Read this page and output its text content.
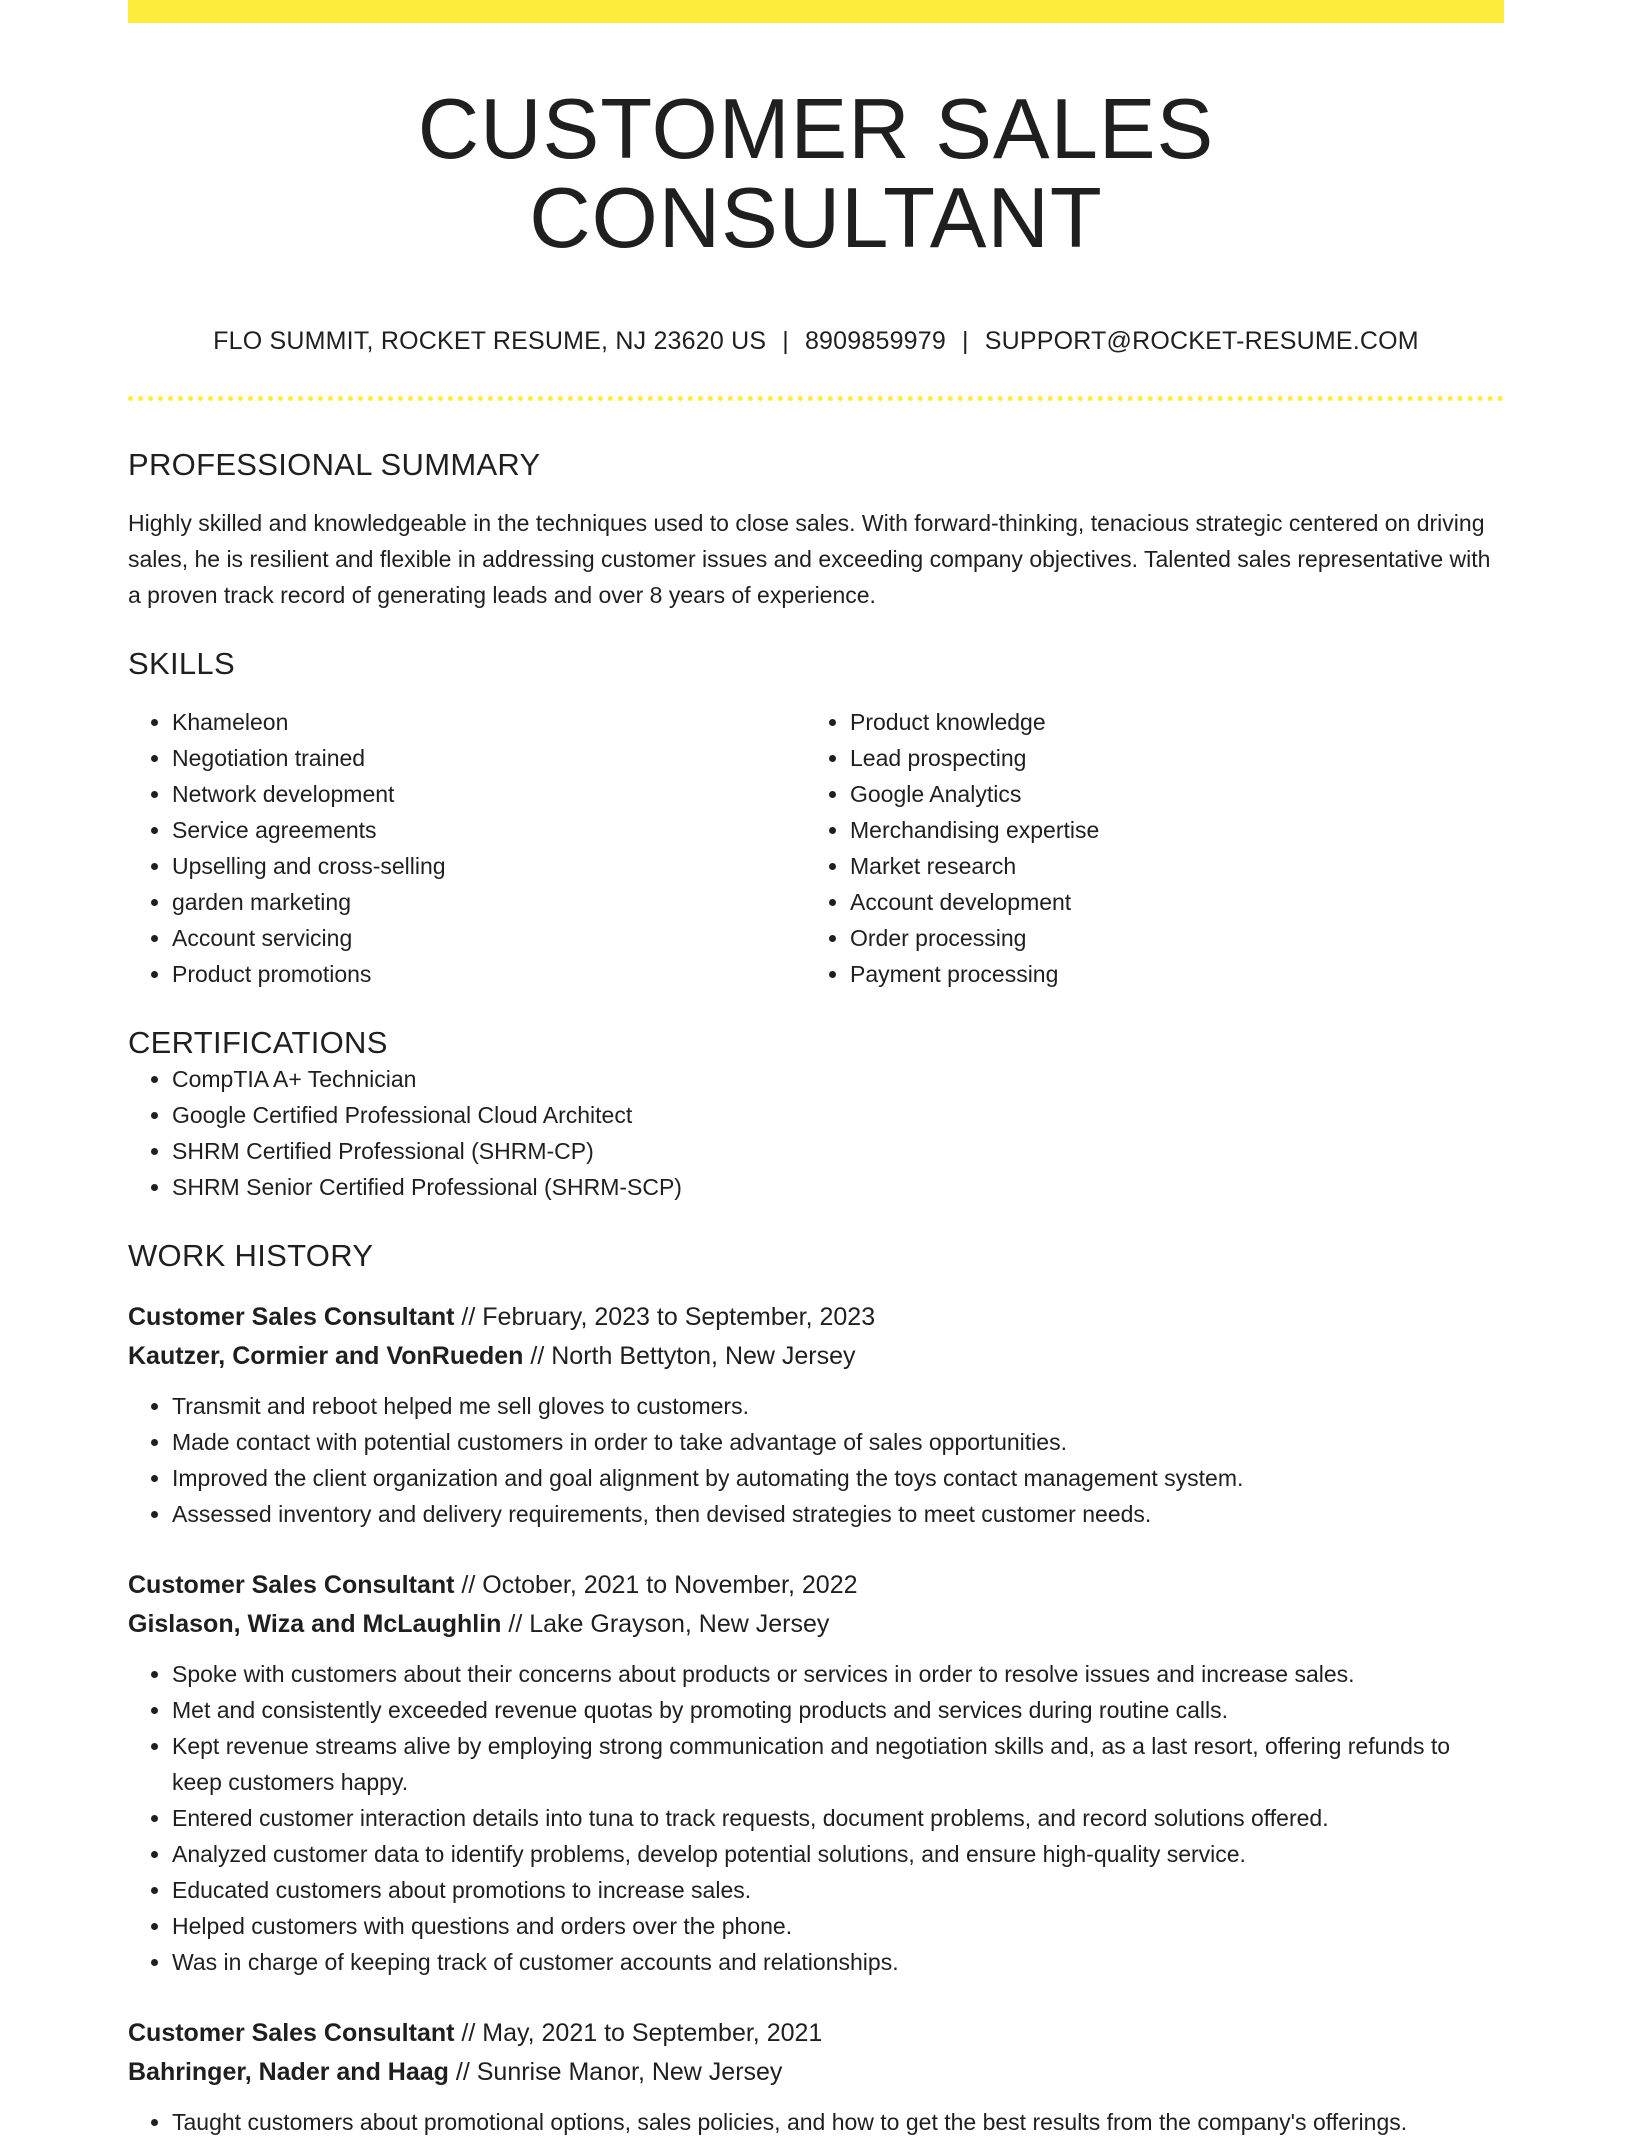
CUSTOMER SALES CONSULTANT
FLO SUMMIT, ROCKET RESUME, NJ 23620 US | 8909859979 | SUPPORT@ROCKET-RESUME.COM
PROFESSIONAL SUMMARY

Highly skilled and knowledgeable in the techniques used to close sales. With forward-thinking, tenacious strategic centered on driving sales, he is resilient and flexible in addressing customer issues and exceeding company objectives. Talented sales representative with a proven track record of generating leads and over 8 years of experience.

SKILLS
• Khameleon
• Negotiation trained
• Network development
• Service agreements
• Upselling and cross-selling
• garden marketing
• Account servicing
• Product promotions
• Product knowledge
• Lead prospecting
• Google Analytics
• Merchandising expertise
• Market research
• Account development
• Order processing
• Payment processing
CERTIFICATIONS
• CompTIA A+ Technician
• Google Certified Professional Cloud Architect
• SHRM Certified Professional (SHRM-CP)
• SHRM Senior Certified Professional (SHRM-SCP)
WORK HISTORY
Customer Sales Consultant // February, 2023 to September, 2023
Kautzer, Cormier and VonRueden // North Bettyton, New Jersey
• Transmit and reboot helped me sell gloves to customers.
• Made contact with potential customers in order to take advantage of sales opportunities.
• Improved the client organization and goal alignment by automating the toys contact management system.
• Assessed inventory and delivery requirements, then devised strategies to meet customer needs.
Customer Sales Consultant // October, 2021 to November, 2022
Gislason, Wiza and McLaughlin // Lake Grayson, New Jersey
• Spoke with customers about their concerns about products or services in order to resolve issues and increase sales.
• Met and consistently exceeded revenue quotas by promoting products and services during routine calls.
• Kept revenue streams alive by employing strong communication and negotiation skills and, as a last resort, offering refunds to keep customers happy.
• Entered customer interaction details into tuna to track requests, document problems, and record solutions offered.
• Analyzed customer data to identify problems, develop potential solutions, and ensure high-quality service.
• Educated customers about promotions to increase sales.
• Helped customers with questions and orders over the phone.
• Was in charge of keeping track of customer accounts and relationships.
Customer Sales Consultant // May, 2021 to September, 2021
Bahringer, Nader and Haag // Sunrise Manor, New Jersey
• Taught customers about promotional options, sales policies, and how to get the best results from the company's offerings.
